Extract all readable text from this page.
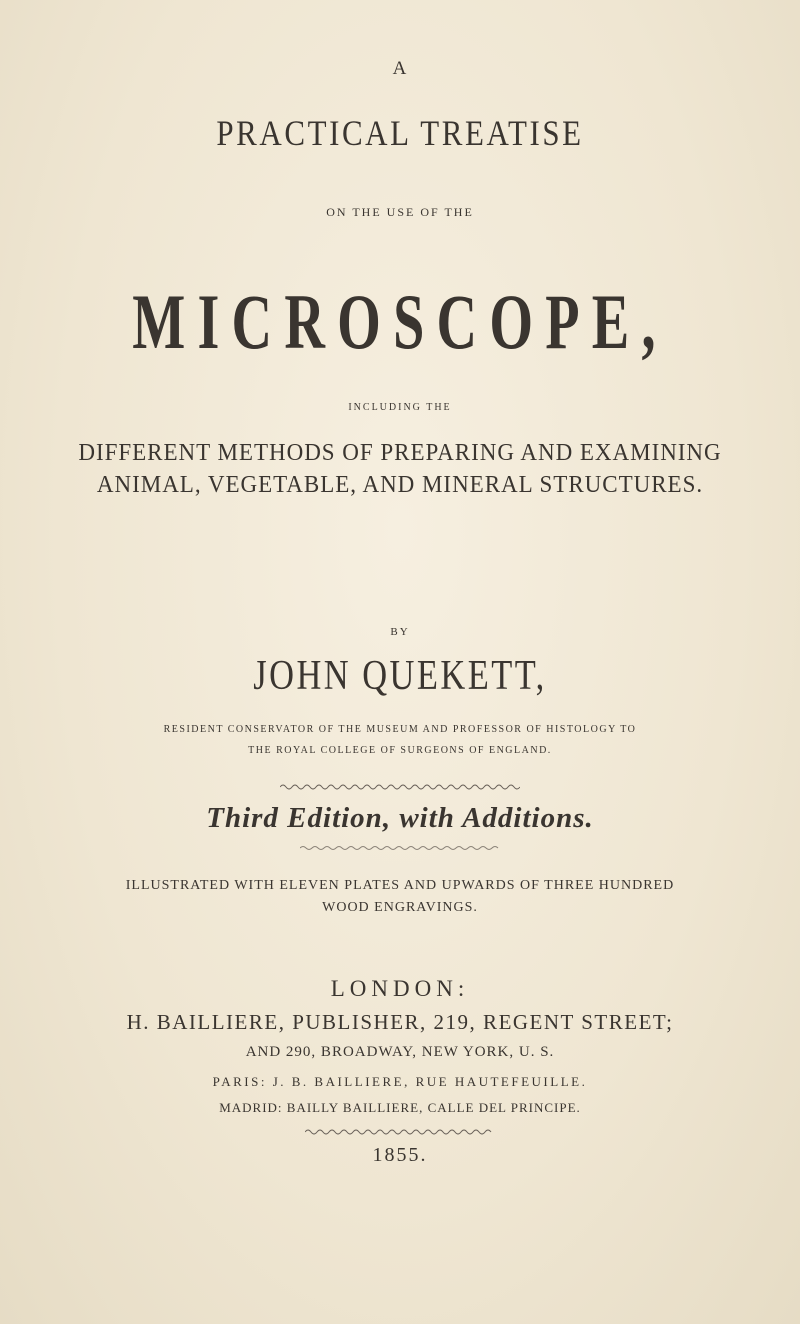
A
PRACTICAL TREATISE
ON THE USE OF THE
MICROSCOPE,
INCLUDING THE
DIFFERENT METHODS OF PREPARING AND EXAMINING
ANIMAL, VEGETABLE, AND MINERAL STRUCTURES.
BY
JOHN QUEKETT,
RESIDENT CONSERVATOR OF THE MUSEUM AND PROFESSOR OF HISTOLOGY TO
THE ROYAL COLLEGE OF SURGEONS OF ENGLAND.
Third Edition, with Additions.
ILLUSTRATED WITH ELEVEN PLATES AND UPWARDS OF THREE HUNDRED
WOOD ENGRAVINGS.
LONDON:
H. BAILLIERE, PUBLISHER, 219, REGENT STREET;
AND 290, BROADWAY, NEW YORK, U. S.
PARIS: J. B. BAILLIERE, RUE HAUTEFEUILLE.
MADRID: BAILLY BAILLIERE, CALLE DEL PRINCIPE.
1855.
